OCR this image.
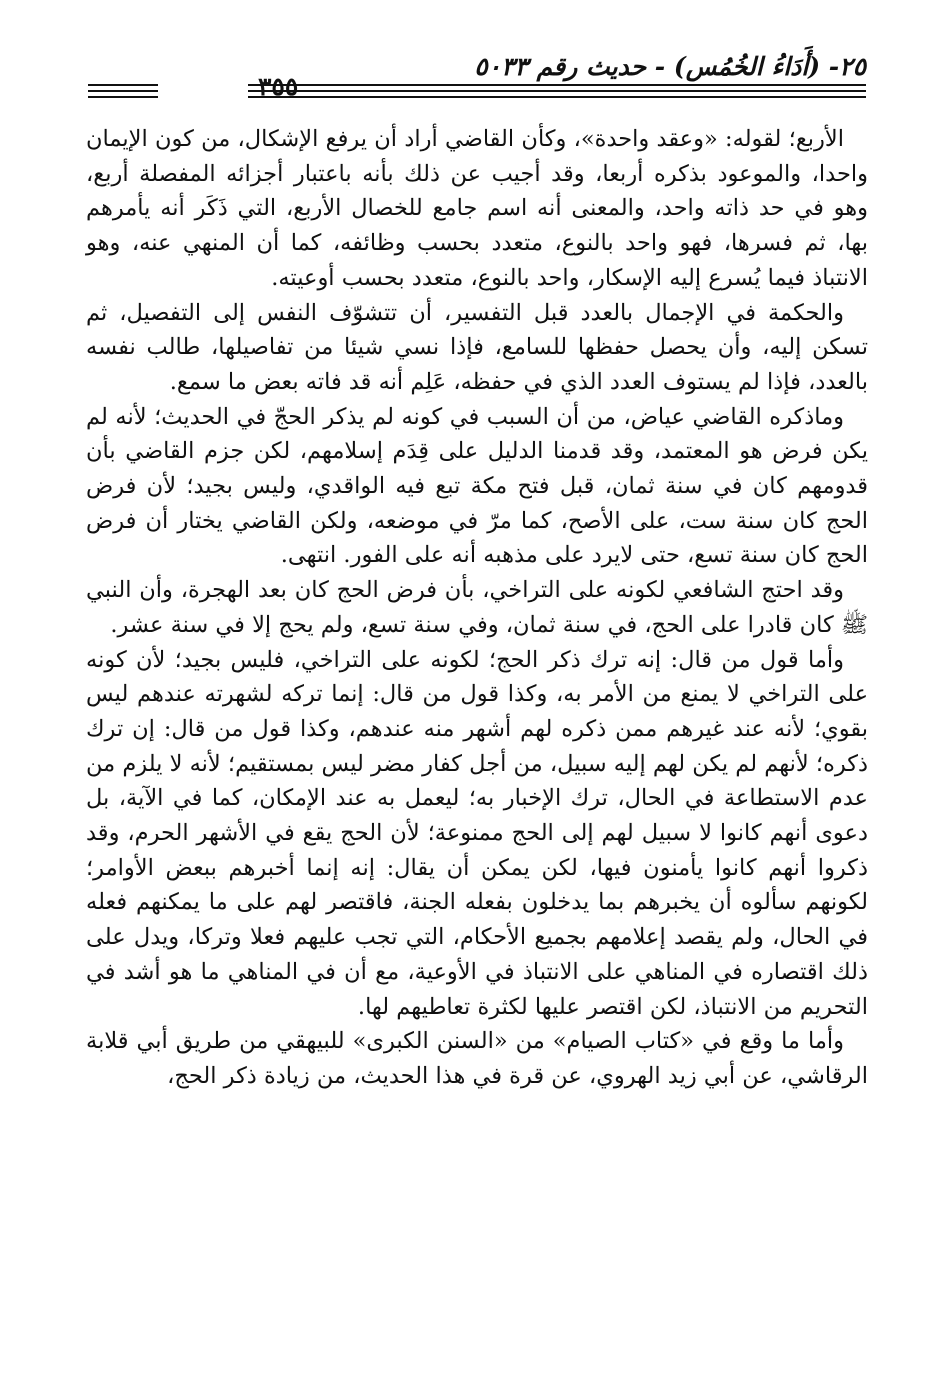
٣٥٥
٢٥- (أَدَاءُ الخُمُس) - حديث رقم ٥٠٣٣

الأربع؛ لقوله: «وعقد واحدة»، وكأن القاضي أراد أن يرفع الإشكال، من كون الإيمان واحدا، والموعود بذكره أربعا، وقد أجيب عن ذلك بأنه باعتبار أجزائه المفصلة أربع، وهو في حد ذاته واحد، والمعنى أنه اسم جامع للخصال الأربع، التي ذَكَر أنه يأمرهم بها، ثم فسرها، فهو واحد بالنوع، متعدد بحسب وظائفه، كما أن المنهي عنه، وهو الانتباذ فيما يُسرع إليه الإسكار، واحد بالنوع، متعدد بحسب أوعيته.

والحكمة في الإجمال بالعدد قبل التفسير، أن تتشوّف النفس إلى التفصيل، ثم تسكن إليه، وأن يحصل حفظها للسامع، فإذا نسي شيئا من تفاصيلها، طالب نفسه بالعدد، فإذا لم يستوف العدد الذي في حفظه، عَلِم أنه قد فاته بعض ما سمع.

وماذكره القاضي عياض، من أن السبب في كونه لم يذكر الحجّ في الحديث؛ لأنه لم يكن فرض هو المعتمد، وقد قدمنا الدليل على قِدَم إسلامهم، لكن جزم القاضي بأن قدومهم كان في سنة ثمان، قبل فتح مكة تبع فيه الواقدي، وليس بجيد؛ لأن فرض الحج كان سنة ست، على الأصح، كما مرّ في موضعه، ولكن القاضي يختار أن فرض الحج كان سنة تسع، حتى لايرد على مذهبه أنه على الفور. انتهى.

وقد احتج الشافعي لكونه على التراخي، بأن فرض الحج كان بعد الهجرة، وأن النبي ﷺ كان قادرا على الحج، في سنة ثمان، وفي سنة تسع، ولم يحج إلا في سنة عشر.

وأما قول من قال: إنه ترك ذكر الحج؛ لكونه على التراخي، فليس بجيد؛ لأن كونه على التراخي لا يمنع من الأمر به، وكذا قول من قال: إنما تركه لشهرته عندهم ليس بقوي؛ لأنه عند غيرهم ممن ذكره لهم أشهر منه عندهم، وكذا قول من قال: إن ترك ذكره؛ لأنهم لم يكن لهم إليه سبيل، من أجل كفار مضر ليس بمستقيم؛ لأنه لا يلزم من عدم الاستطاعة في الحال، ترك الإخبار به؛ ليعمل به عند الإمكان، كما في الآية، بل دعوى أنهم كانوا لا سبيل لهم إلى الحج ممنوعة؛ لأن الحج يقع في الأشهر الحرم، وقد ذكروا أنهم كانوا يأمنون فيها، لكن يمكن أن يقال: إنه إنما أخبرهم ببعض الأوامر؛ لكونهم سألوه أن يخبرهم بما يدخلون بفعله الجنة، فاقتصر لهم على ما يمكنهم فعله في الحال، ولم يقصد إعلامهم بجميع الأحكام، التي تجب عليهم فعلا وتركا، ويدل على ذلك اقتصاره في المناهي على الانتباذ في الأوعية، مع أن في المناهي ما هو أشد في التحريم من الانتباذ، لكن اقتصر عليها لكثرة تعاطيهم لها.

وأما ما وقع في «كتاب الصيام» من «السنن الكبرى» للبيهقي من طريق أبي قلابة الرقاشي، عن أبي زيد الهروي، عن قرة في هذا الحديث، من زيادة ذكر الحج،
